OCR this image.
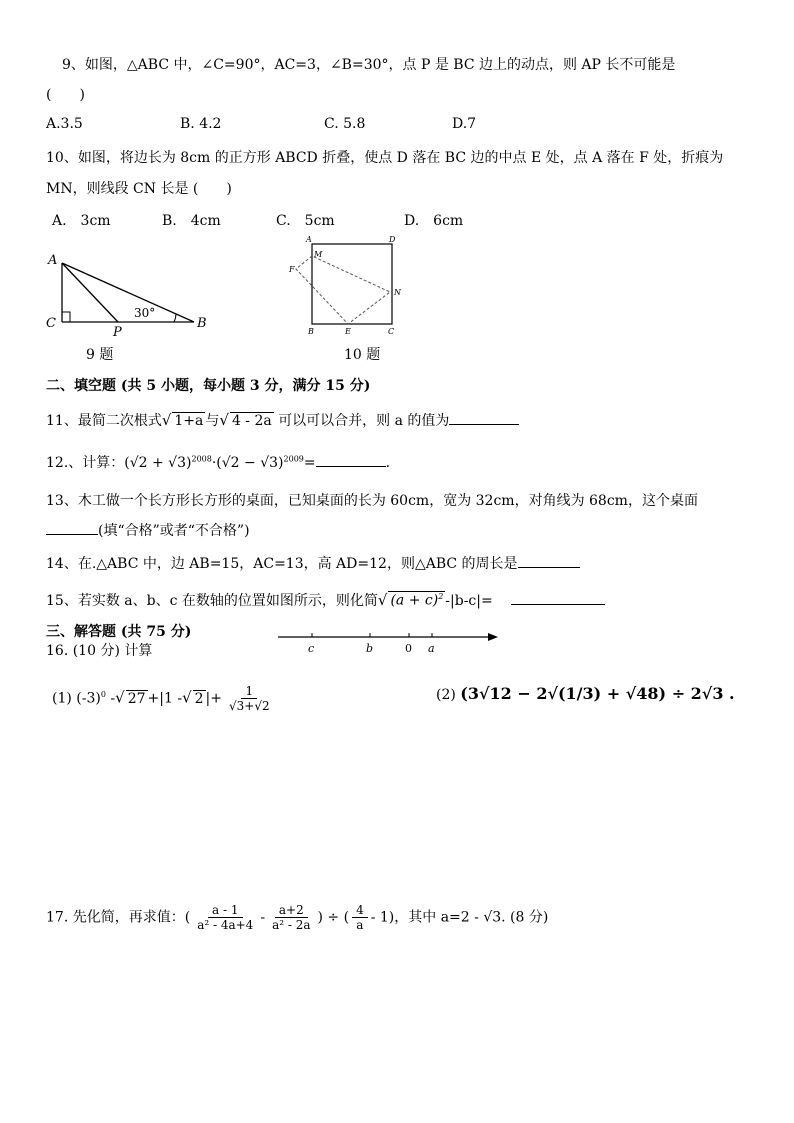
9、如图，△ABC 中，∠C=90°，AC=3，∠B=30°，点 P 是 BC 边上的动点，则 AP 长不可能是
(　　)
A.3.5	B. 4.2	C. 5.8	D.7
10、如图，将边长为 8cm 的正方形 ABCD 折叠，使点 D 落在 BC 边的中点 E 处，点 A 落在 F 处，折痕为
MN，则线段 CN 长是 (　　)
A.　3cm	B.　4cm	C.　5cm	D.　6cm
A
C
P
B
30°
9 题
A	D
M
F
N
B	E	C
10 题
二、填空题 (共 5 小题，每小题 3 分，满分 15 分)
11、最简二次根式√ 1+a 与√ 4 - 2a 可以可以合并，则 a 的值为
12.、计算：$(√2 + √3)^{2008}\cdot(√2 - √3)^{2009}=$	.
13、木工做一个长方形长方形的桌面，已知桌面的长为 60cm，宽为 32cm，对角线为 68cm，这个桌面
(填“合格”或者“不合格”)
14、在.△ABC 中，边 AB=15，AC=13，高 AD=12，则△ABC 的周长是
15、若实数 a、b、c 在数轴的位置如图所示，则化简√ $(a + c)^2$ -|b-c|=
三、解答题 (共 75 分)
c	b	0 a
16. (10 分) 计算
(1) $(-3)^0$ -√ 27 +|1 -√ 2 |+ $\frac{1}{√3+√2}$	(2) (3√12 − 2√(1/3) + √48) ÷ 2√3 .
17. 先化简，再求值：( $\frac{a - 1}{\text{a² - 4a+4}} - \frac{a+2}{\text{a² - 2a}}$ ) ÷ ( $\frac{4}{a} - 1$)，其中 a=2 - √3. (8 分)
